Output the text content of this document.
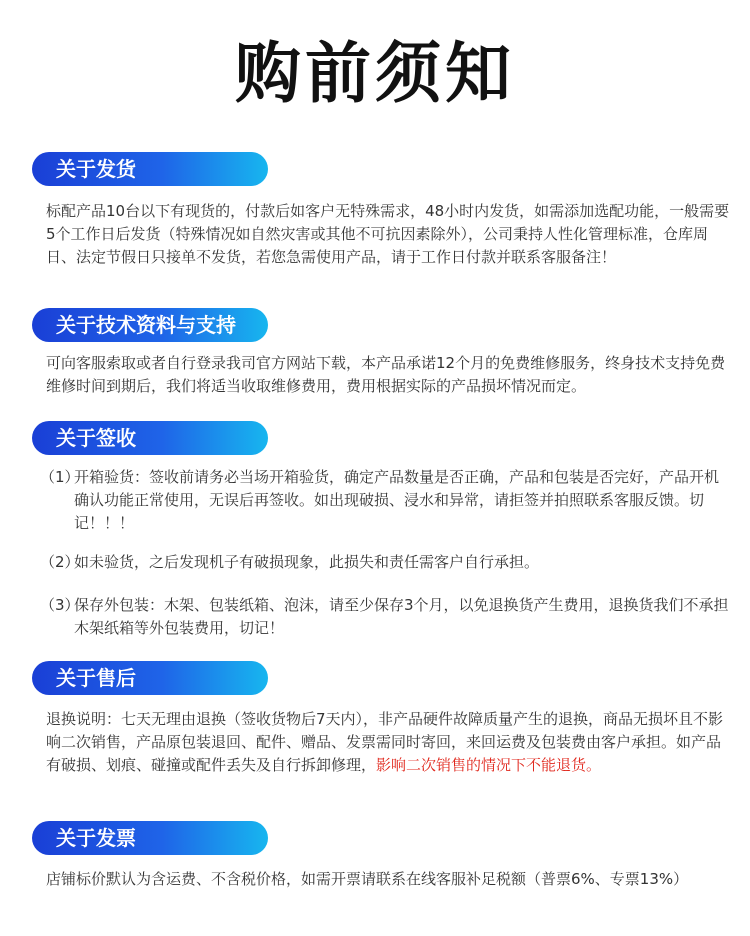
购前须知
关于发货
标配产品10台以下有现货的，付款后如客户无特殊需求，48小时内发货，如需添加选配功能，一般需要5个工作日后发货（特殊情况如自然灾害或其他不可抗因素除外），公司秉持人性化管理标准，仓库周日、法定节假日只接单不发货，若您急需使用产品，请于工作日付款并联系客服备注！
关于技术资料与支持
可向客服索取或者自行登录我司官方网站下载，本产品承诺12个月的免费维修服务，终身技术支持免费维修时间到期后，我们将适当收取维修费用，费用根据实际的产品损坏情况而定。
关于签收
（1）
开箱验货：签收前请务必当场开箱验货，确定产品数量是否正确，产品和包装是否完好，产品开机确认功能正常使用，无误后再签收。如出现破损、浸水和异常，请拒签并拍照联系客服反馈。切记！！！
（2）
如未验货，之后发现机子有破损现象，此损失和责任需客户自行承担。
（3）
保存外包装：木架、包装纸箱、泡沫，请至少保存3个月，以免退换货产生费用，退换货我们不承担木架纸箱等外包装费用，切记！
关于售后
退换说明：七天无理由退换（签收货物后7天内），非产品硬件故障质量产生的退换，商品无损坏且不影响二次销售，产品原包装退回、配件、赠品、发票需同时寄回，来回运费及包装费由客户承担。如产品有破损、划痕、碰撞或配件丢失及自行拆卸修理，影响二次销售的情况下不能退货。
关于发票
店铺标价默认为含运费、不含税价格，如需开票请联系在线客服补足税额（普票6%、专票13%）
